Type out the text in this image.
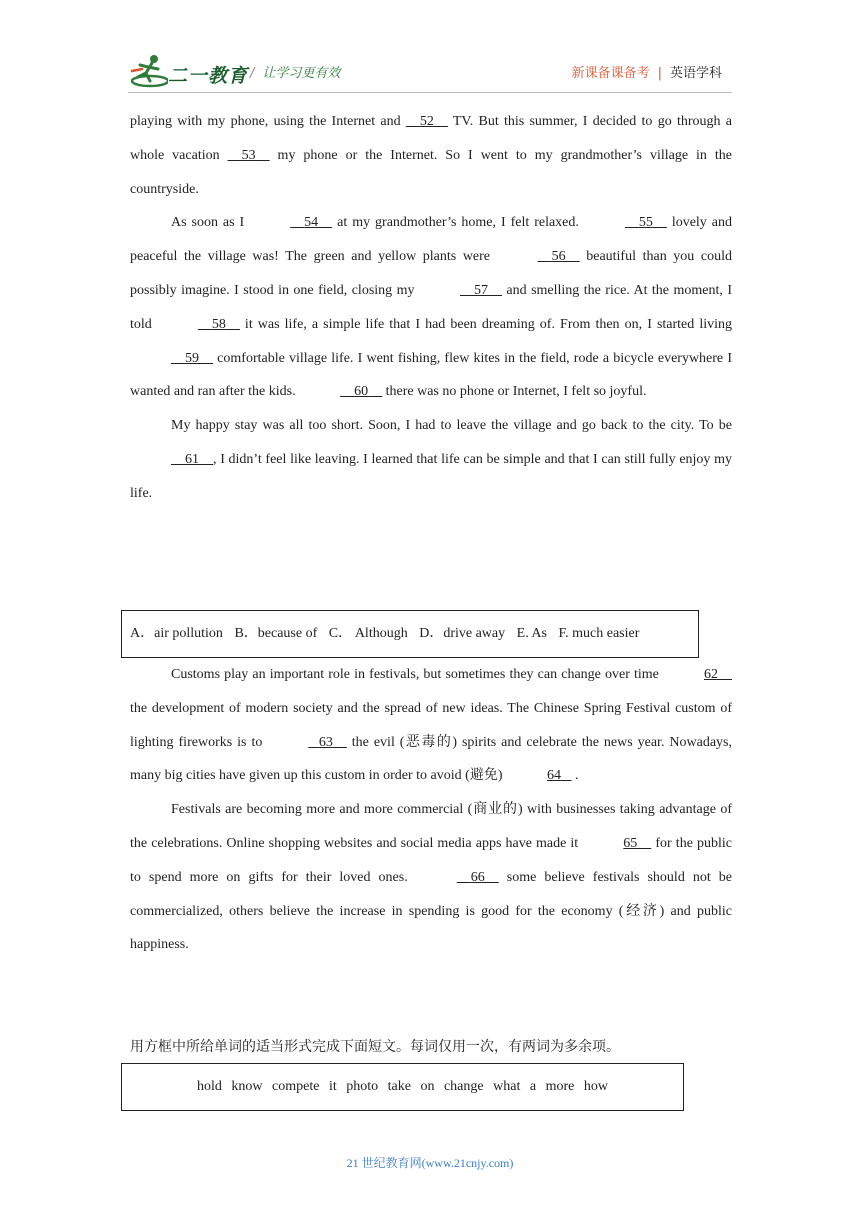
二一教育 / 让学习更有效	新课备课备考 | 英语学科

playing with my phone, using the Internet and     52     TV. But this summer, I decided to go through a whole vacation     53     my phone or the Internet. So I went to my grandmother’s village in the countryside.

As soon as I	54     at my grandmother’s home, I felt relaxed.	55     lovely and peaceful the village was! The green and yellow plants were	56     beautiful than you could possibly imagine. I stood in one field, closing my	57     and smelling the rice. At the moment, I told	58     it was life, a simple life that I had been dreaming of. From then on, I started living     59     comfortable village life. I went fishing, flew kites in the field, rode a bicycle everywhere I wanted and ran after the kids.	60     there was no phone or Internet, I felt so joyful.

My happy stay was all too short. Soon, I had to leave the village and go back to the city. To be     61 , I didn’t feel like leaving. I learned that life can be simple and that I can still fully enjoy my life.

A．air pollution B．because of C． Although D．drive away E. As F. much easier

Customs play an important role in festivals, but sometimes they can change over time	62     the development of modern society and the spread of new ideas. The Chinese Spring Festival custom of lighting fireworks is to	63     the evil (恶毒的) spirits and celebrate the news year. Nowadays, many big cities have given up this custom in order to avoid (避免)	64    .

Festivals are becoming more and more commercial (商业的) with businesses taking advantage of the celebrations. Online shopping websites and social media apps have made it	65     for the public to spend more on gifts for their loved ones.	66     some believe festivals should not be commercialized, others believe the increase in spending is good for the economy (经济) and public happiness.

用方框中所给单词的适当形式完成下面短文。每词仅用一次，有两词为多余项。
hold know compete it photo take on change what a more how
21 世纪教育网(www.21cnjy.com)
